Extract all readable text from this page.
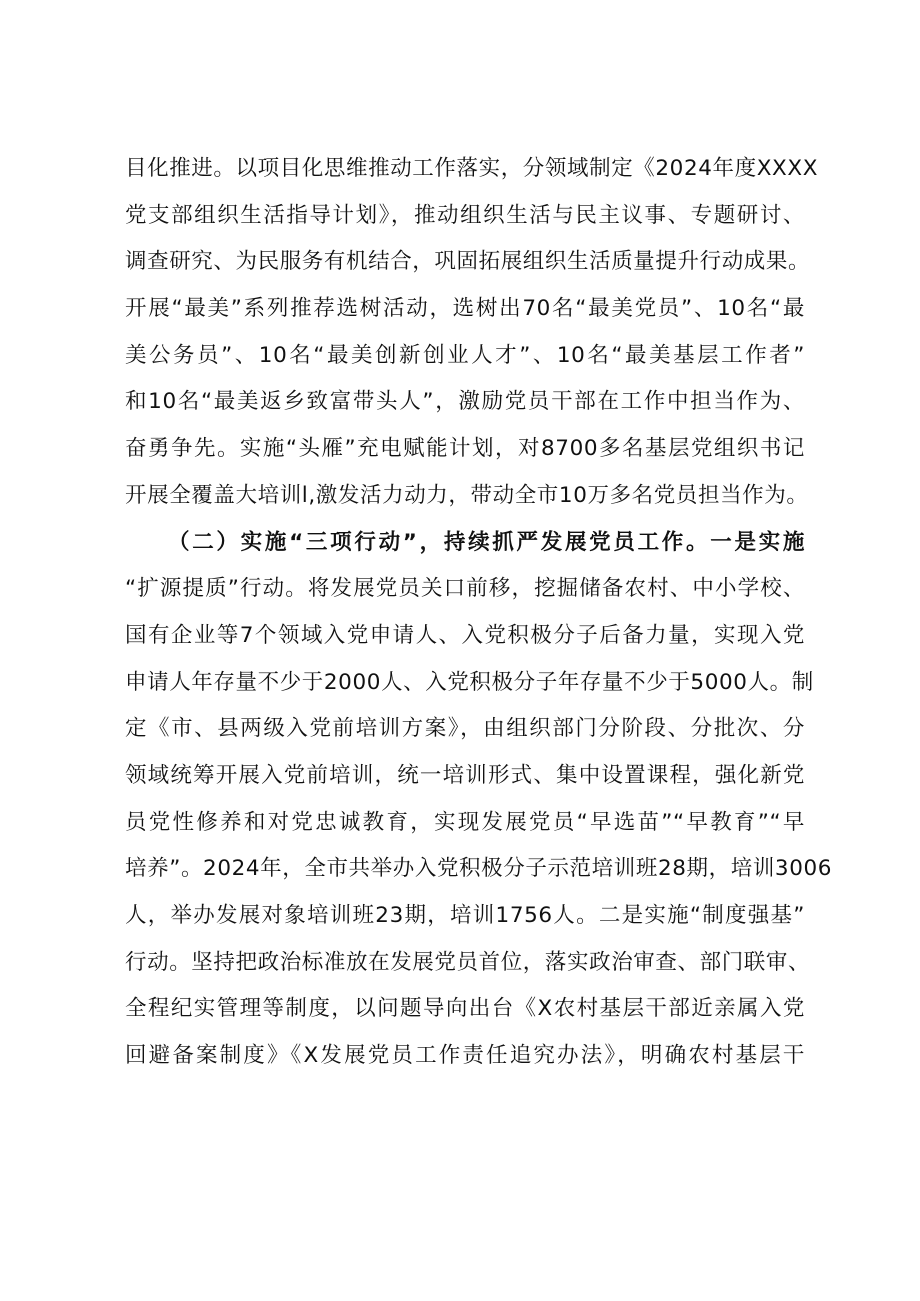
目化推进。以项目化思维推动工作落实，分领域制定《2024年度XXXX
党支部组织生活指导计划》，推动组织生活与民主议事、专题研讨、
调查研究、为民服务有机结合，巩固拓展组织生活质量提升行动成果。
开展“最美”系列推荐选树活动，选树出70名“最美党员”、10名“最
美公务员”、10名“最美创新创业人才”、10名“最美基层工作者”
和10名“最美返乡致富带头人”，激励党员干部在工作中担当作为、
奋勇争先。实施“头雁”充电赋能计划，对8700多名基层党组织书记
开展全覆盖大培训l,激发活力动力，带动全市10万多名党员担当作为。
（二）实施“三项行动”，持续抓严发展党员工作。一是实施
“扩源提质”行动。将发展党员关口前移，挖掘储备农村、中小学校、
国有企业等7个领域入党申请人、入党积极分子后备力量，实现入党
申请人年存量不少于2000人、入党积极分子年存量不少于5000人。制
定《市、县两级入党前培训方案》，由组织部门分阶段、分批次、分
领域统筹开展入党前培训，统一培训形式、集中设置课程，强化新党
员党性修养和对党忠诚教育，实现发展党员“早选苗”“早教育”“早
培养”。2024年，全市共举办入党积极分子示范培训班28期，培训3006
人，举办发展对象培训班23期，培训1756人。二是实施“制度强基”
行动。坚持把政治标准放在发展党员首位，落实政治审查、部门联审、
全程纪实管理等制度，以问题导向出台《X农村基层干部近亲属入党
回避备案制度》《X发展党员工作责任追究办法》，明确农村基层干
